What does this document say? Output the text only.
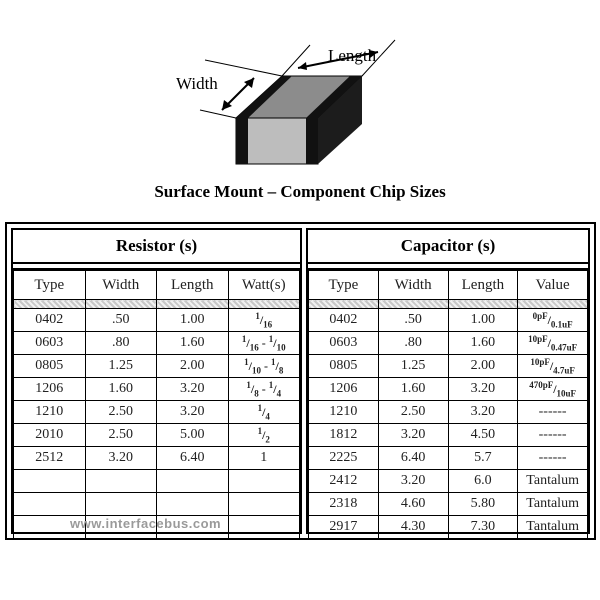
Width
Length
Surface Mount – Component Chip Sizes
Resistor (s)
Type	Width	Length	Watt(s)

0402	.50	1.00	$^1/_{16}$
0603	.80	1.60	$^1/_{16} - ^1/_{10}$
0805	1.25	2.00	$^1/_{10} - ^1/_8$
1206	1.60	3.20	$^1/_8 - ^1/_4$
1210	2.50	3.20	$^1/_4$
2010	2.50	5.00	$^1/_2$
2512	3.20	6.40	1

Capacitor (s)
Type	Width	Length	Value

0402	.50	1.00	$^{0pF}/_{0.1uF}$
0603	.80	1.60	$^{10pF}/_{0.47uF}$
0805	1.25	2.00	$^{10pF}/_{4.7uF}$
1206	1.60	3.20	$^{470pF}/_{10uF}$
1210	2.50	3.20	------
1812	3.20	4.50	------
2225	6.40	5.7	------
2412	3.20	6.0	Tantalum
2318	4.60	5.80	Tantalum
2917	4.30	7.30	Tantalum
www.interfacebus.com
